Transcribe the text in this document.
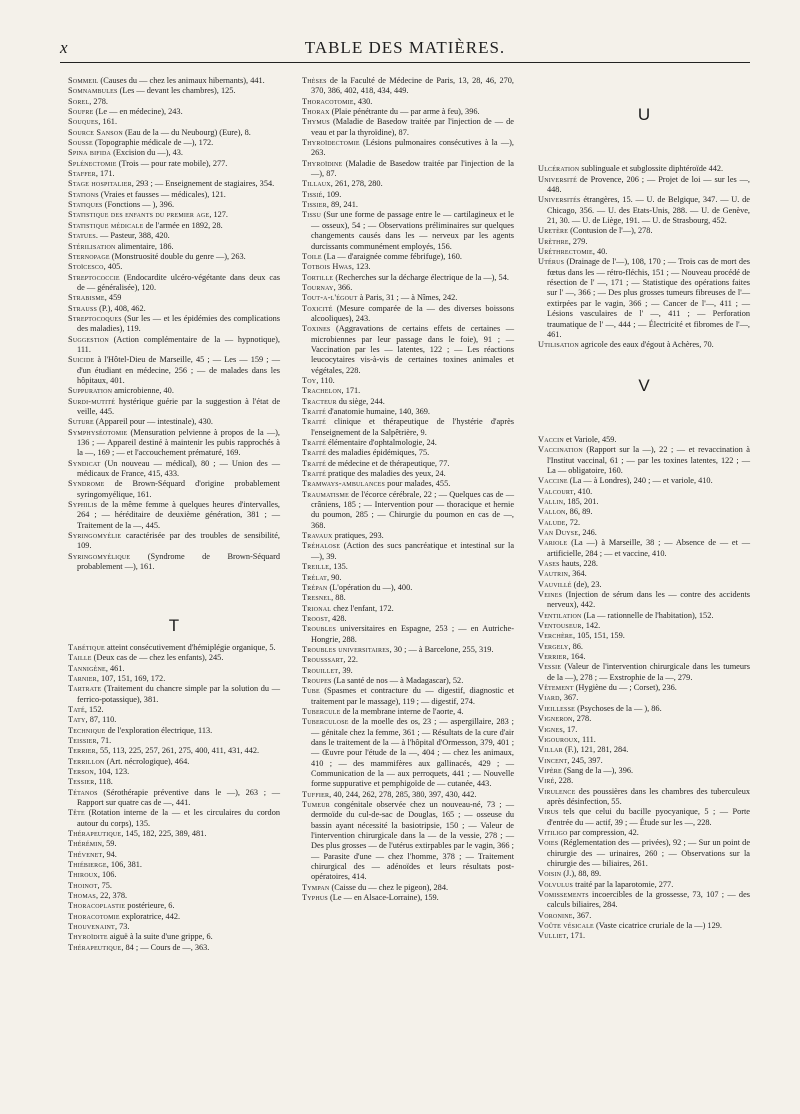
x	TABLE DES MATIÈRES.

Sommeil (Causes du — chez les animaux hibernants), 441.

Somnambules (Les — devant les chambres), 125.

Sorel, 278.

Soufre (Le — en médecine), 243.

Souques, 161.

Source Sanson (Eau de la — du Neubourg) (Eure), 8.

Sousse (Topographie médicale de —), 172.

Spina bifida (Excision du —), 43.

Splénectomie (Trois — pour rate mobile), 277.

Staffer, 171.

Stage hospitalier, 293 ; — Enseignement de stagiaires, 354.

Stations (Vraies et fausses — médicales), 121.

Statiques (Fonctions — ), 396.

Statistique des enfants du premier age, 127.

Statistique médicale de l'armée en 1892, 28.

Statues. — Pasteur, 388, 420.

Stérilisation alimentaire, 186.

Sternopage (Monstruosité double du genre —), 263.

Stoïcesco, 405.

Streptococcie (Endocardite ulcéro-végétante dans deux cas de — généralisée), 120.

Strabisme, 459

Strauss (P.), 408, 462.

Streptocoques (Sur les — et les épidémies des complications des maladies), 119.

Suggestion (Action complémentaire de la — hypnotique), 111.

Suicide à l'Hôtel-Dieu de Marseille, 45 ; — Les — 159 ; — d'un étudiant en médecine, 256 ; — de malades dans les hôpitaux, 401.

Suppuration amicrobienne, 40.

Surdi-mutité hystérique guérie par la suggestion à l'état de veille, 445.

Suture (Appareil pour — intestinale), 430.

Symphyséotomie (Mensuration pelvienne à propos de la —), 136 ; — Appareil destiné à maintenir les pubis rapprochés à la —, 169 ; — et l'accouchement prématuré, 169.

Syndicat (Un nouveau — médical), 80 ; — Union des — médicaux de France, 415, 433.

Syndrome de Brown-Séquard d'origine probablement syringomyélique, 161.

Syphilis de la même femme à quelques heures d'intervalles, 264 ; — héréditaire de deuxième génération, 381 ; — Traitement de la —, 445.

Syringomyélie caractérisée par des troubles de sensibilité, 109.

Syringomyélique (Syndrome de Brown-Séquard probablement —), 161.

T

Tabétique atteint consécutivement d'hémiplégie organique, 5.

Taille (Deux cas de — chez les enfants), 245.

Tannigène, 461.

Tarnier, 107, 151, 169, 172.

Tartrate (Traitement du chancre simple par la solution du — ferrico-potassique), 381.

Taté, 152.

Taty, 87, 110.

Technique de l'exploration électrique, 113.

Teissier, 71.

Terrier, 55, 113, 225, 257, 261, 275, 400, 411, 431, 442.

Terrillon (Art. nécrologique), 464.

Terson, 104, 123.

Tessier, 118.

Tétanos (Sérothérapie préventive dans le —), 263 ; — Rapport sur quatre cas de —, 441.

Tête (Rotation interne de la — et les circulaires du cordon autour du corps), 135.

Thérapeutique, 145, 182, 225, 389, 481.

Thérémin, 59.

Thévenet, 94.

Thiébierge, 106, 381.

Thiroux, 106.

Thoinot, 75.

Thomas, 22, 378.

Thoracoplastie postérieure, 6.

Thoracotomie exploratrice, 442.

Thouvenaint, 73.

Thyroïdite aiguë à la suite d'une grippe, 6.

Thérapeutique, 84 ; — Cours de —, 363.

Thèses de la Faculté de Médecine de Paris, 13, 28, 46, 270, 370, 386, 402, 418, 434, 449.

Thoracotomie, 430.

Thorax (Plaie pénétrante du — par arme à feu), 396.

Thymus (Maladie de Basedow traitée par l'injection de — de veau et par la thyroïdine), 87.

Thyroïdectomie (Lésions pulmonaires consécutives à la —), 263.

Thyroïdine (Maladie de Basedow traitée par l'injection de la —), 87.

Tillaux, 261, 278, 280.

Tissié, 109.

Tissier, 89, 241.

Tissu (Sur une forme de passage entre le — cartilagineux et le — osseux), 54 ; — Observations préliminaires sur quelques changements causés dans les — nerveux par les agents durcissants communément employés, 156.

Toile (La — d'araignée comme fébrifuge), 160.

Totbois Hwas, 123.

Tortille (Recherches sur la décharge électrique de la —), 54.

Tournay, 366.

Tout-a-l'égout à Paris, 31 ; — à Nîmes, 242.

Toxicité (Mesure comparée de la — des diverses boissons alcooliques), 243.

Toxines (Aggravations de certains effets de certaines — microbiennes par leur passage dans le foie), 91 ; — Vaccination par les — latentes, 122 ; — Les réactions leucocytaires vis-à-vis de certaines toxines animales et végétales, 228.

Toy, 110.

Trachelon, 171.

Tracteur du siège, 244.

Traité d'anatomie humaine, 140, 369.

Traité clinique et thérapeutique de l'hystérie d'après l'enseignement de la Salpêtrière, 9.

Traité élémentaire d'ophtalmologie, 24.

Traité des maladies épidémiques, 75.

Traité de médecine et de thérapeutique, 77.

Traité pratique des maladies des yeux, 24.

Tramways-ambulances pour malades, 455.

Traumatisme de l'écorce cérébrale, 22 ; — Quelques cas de — crâniens, 185 ; — Intervention pour — thoracique et hernie du poumon, 285 ; — Chirurgie du poumon en cas de —, 368.

Travaux pratiques, 293.

Tréhalose (Action des sucs pancréatique et intestinal sur la —), 39.

Treille, 135.

Trélat, 90.

Trépan (L'opération du —), 400.

Tresnel, 88.

Trional chez l'enfant, 172.

Troost, 428.

Troubles universitaires en Espagne, 253 ; — en Autriche-Hongrie, 288.

Troubles universitaires, 30 ; — à Barcelone, 255, 319.

Trousssart, 22.

Trouillet, 39.

Troupes (La santé de nos — à Madagascar), 52.

Tube (Spasmes et contracture du — digestif, diagnostic et traitement par le massage), 119 ; — digestif, 274.

Tubercule de la membrane interne de l'aorte, 4.

Tuberculose de la moelle des os, 23 ; — aspergillaire, 283 ; — génitale chez la femme, 361 ; — Résultats de la cure d'air dans le traitement de la — à l'hôpital d'Ormesson, 379, 401 ; — Œuvre pour l'étude de la —, 404 ; — chez les animaux, 410 ; — des mammifères aux gallinacés, 429 ; — Communication de la — aux perroquets, 441 ; — Nouvelle forme suppurative et pemphigoïde de — cutanée, 443.

Tuffier, 40, 244, 262, 278, 285, 380, 397, 430, 442.

Tumeur congénitale observée chez un nouveau-né, 73 ; — dermoïde du cul-de-sac de Douglas, 165 ; — osseuse du bassin ayant nécessité la basiotripsie, 150 ; — Valeur de l'intervention chirurgicale dans la — de la vessie, 278 ; — Des plus grosses — de l'utérus extirpables par le vagin, 366 ; — Parasite d'une — chez l'homme, 378 ; — Traitement chirurgical des — adénoïdes et leurs résultats post-opératoires, 414.

Tympan (Caisse du — chez le pigeon), 284.

Typhus (Le — en Alsace-Lorraine), 159.

U

Ulcération sublinguale et subglossite diphtéroïde 442.

Université de Provence, 206 ; — Projet de loi — sur les —, 448.

Universités étrangères, 15. — U. de Belgique, 347. — U. de Chicago, 356. — U. des Etats-Unis, 288. — U. de Genève, 21, 30. — U. de Liège, 191. — U. de Strasbourg, 452.

Uretère (Contusion de l'—), 278.

Urèthre, 279.

Uréthrectomie, 40.

Utérus (Drainage de l'—), 108, 170 ; — Trois cas de mort des fœtus dans les — rétro-fléchis, 151 ; — Nouveau procédé de résection de l' —, 171 ; — Statistique des opérations faites sur l' —, 366 ; — Des plus grosses tumeurs fibreuses de l'— extirpées par le vagin, 366 ; — Cancer de l'—, 411 ; — Lésions vasculaires de l' —, 411 ; — Perforation traumatique de l' —, 444 ; — Électricité et fibromes de l'—, 461.

Utilisation agricole des eaux d'égout à Achères, 70.

V

Vaccin et Variole, 459.

Vaccination (Rapport sur la —), 22 ; — et revaccination à l'Institut vaccinal, 61 ; — par les toxines latentes, 122 ; — La — obligatoire, 160.

Vaccine (La — à Londres), 240 ; — et variole, 410.

Valcourt, 410.

Vallin, 185, 201.

Vallon, 86, 89.

Valude, 72.

Van Duyse, 246.

Variole (La —) à Marseille, 38 ; — Absence de — et — artificielle, 284 ; — et vaccine, 410.

Vases hauts, 228.

Vautrin, 364.

Vauvillé (de), 23.

Veines (Injection de sérum dans les — contre des accidents nerveux), 442.

Ventilation (La — rationnelle de l'habitation), 152.

Ventouseur, 142.

Verchère, 105, 151, 159.

Vergely, 86.

Verrier, 164.

Vessie (Valeur de l'intervention chirurgicale dans les tumeurs de la —), 278 ; — Exstrophie de la —, 279.

Vêtement (Hygiène du — ; Corset), 236.

Viard, 367.

Vieillesse (Psychoses de la — ), 86.

Vigneron, 278.

Vignes, 17.

Vigouroux, 111.

Villar (F.), 121, 281, 284.

Vincent, 245, 397.

Vipère (Sang de la —), 396.

Viré, 228.

Virulence des poussières dans les chambres des tuberculeux après désinfection, 55.

Virus tels que celui du bacille pyocyanique, 5 ; — Porte d'entrée du — actif, 39 ; — Étude sur les —, 228.

Vitiligo par compression, 42.

Voies (Réglementation des — privées), 92 ; — Sur un point de chirurgie des — urinaires, 260 ; — Observations sur la chirurgie des — biliaires, 261.

Voisin (J.), 88, 89.

Volvulus traité par la laparotomie, 277.

Vomissements incoercibles de la grossesse, 73, 107 ; — des calculs biliaires, 284.

Voronine, 367.

Voûte vésicale (Vaste cicatrice cruriale de la —) 129.

Vulliet, 171.
